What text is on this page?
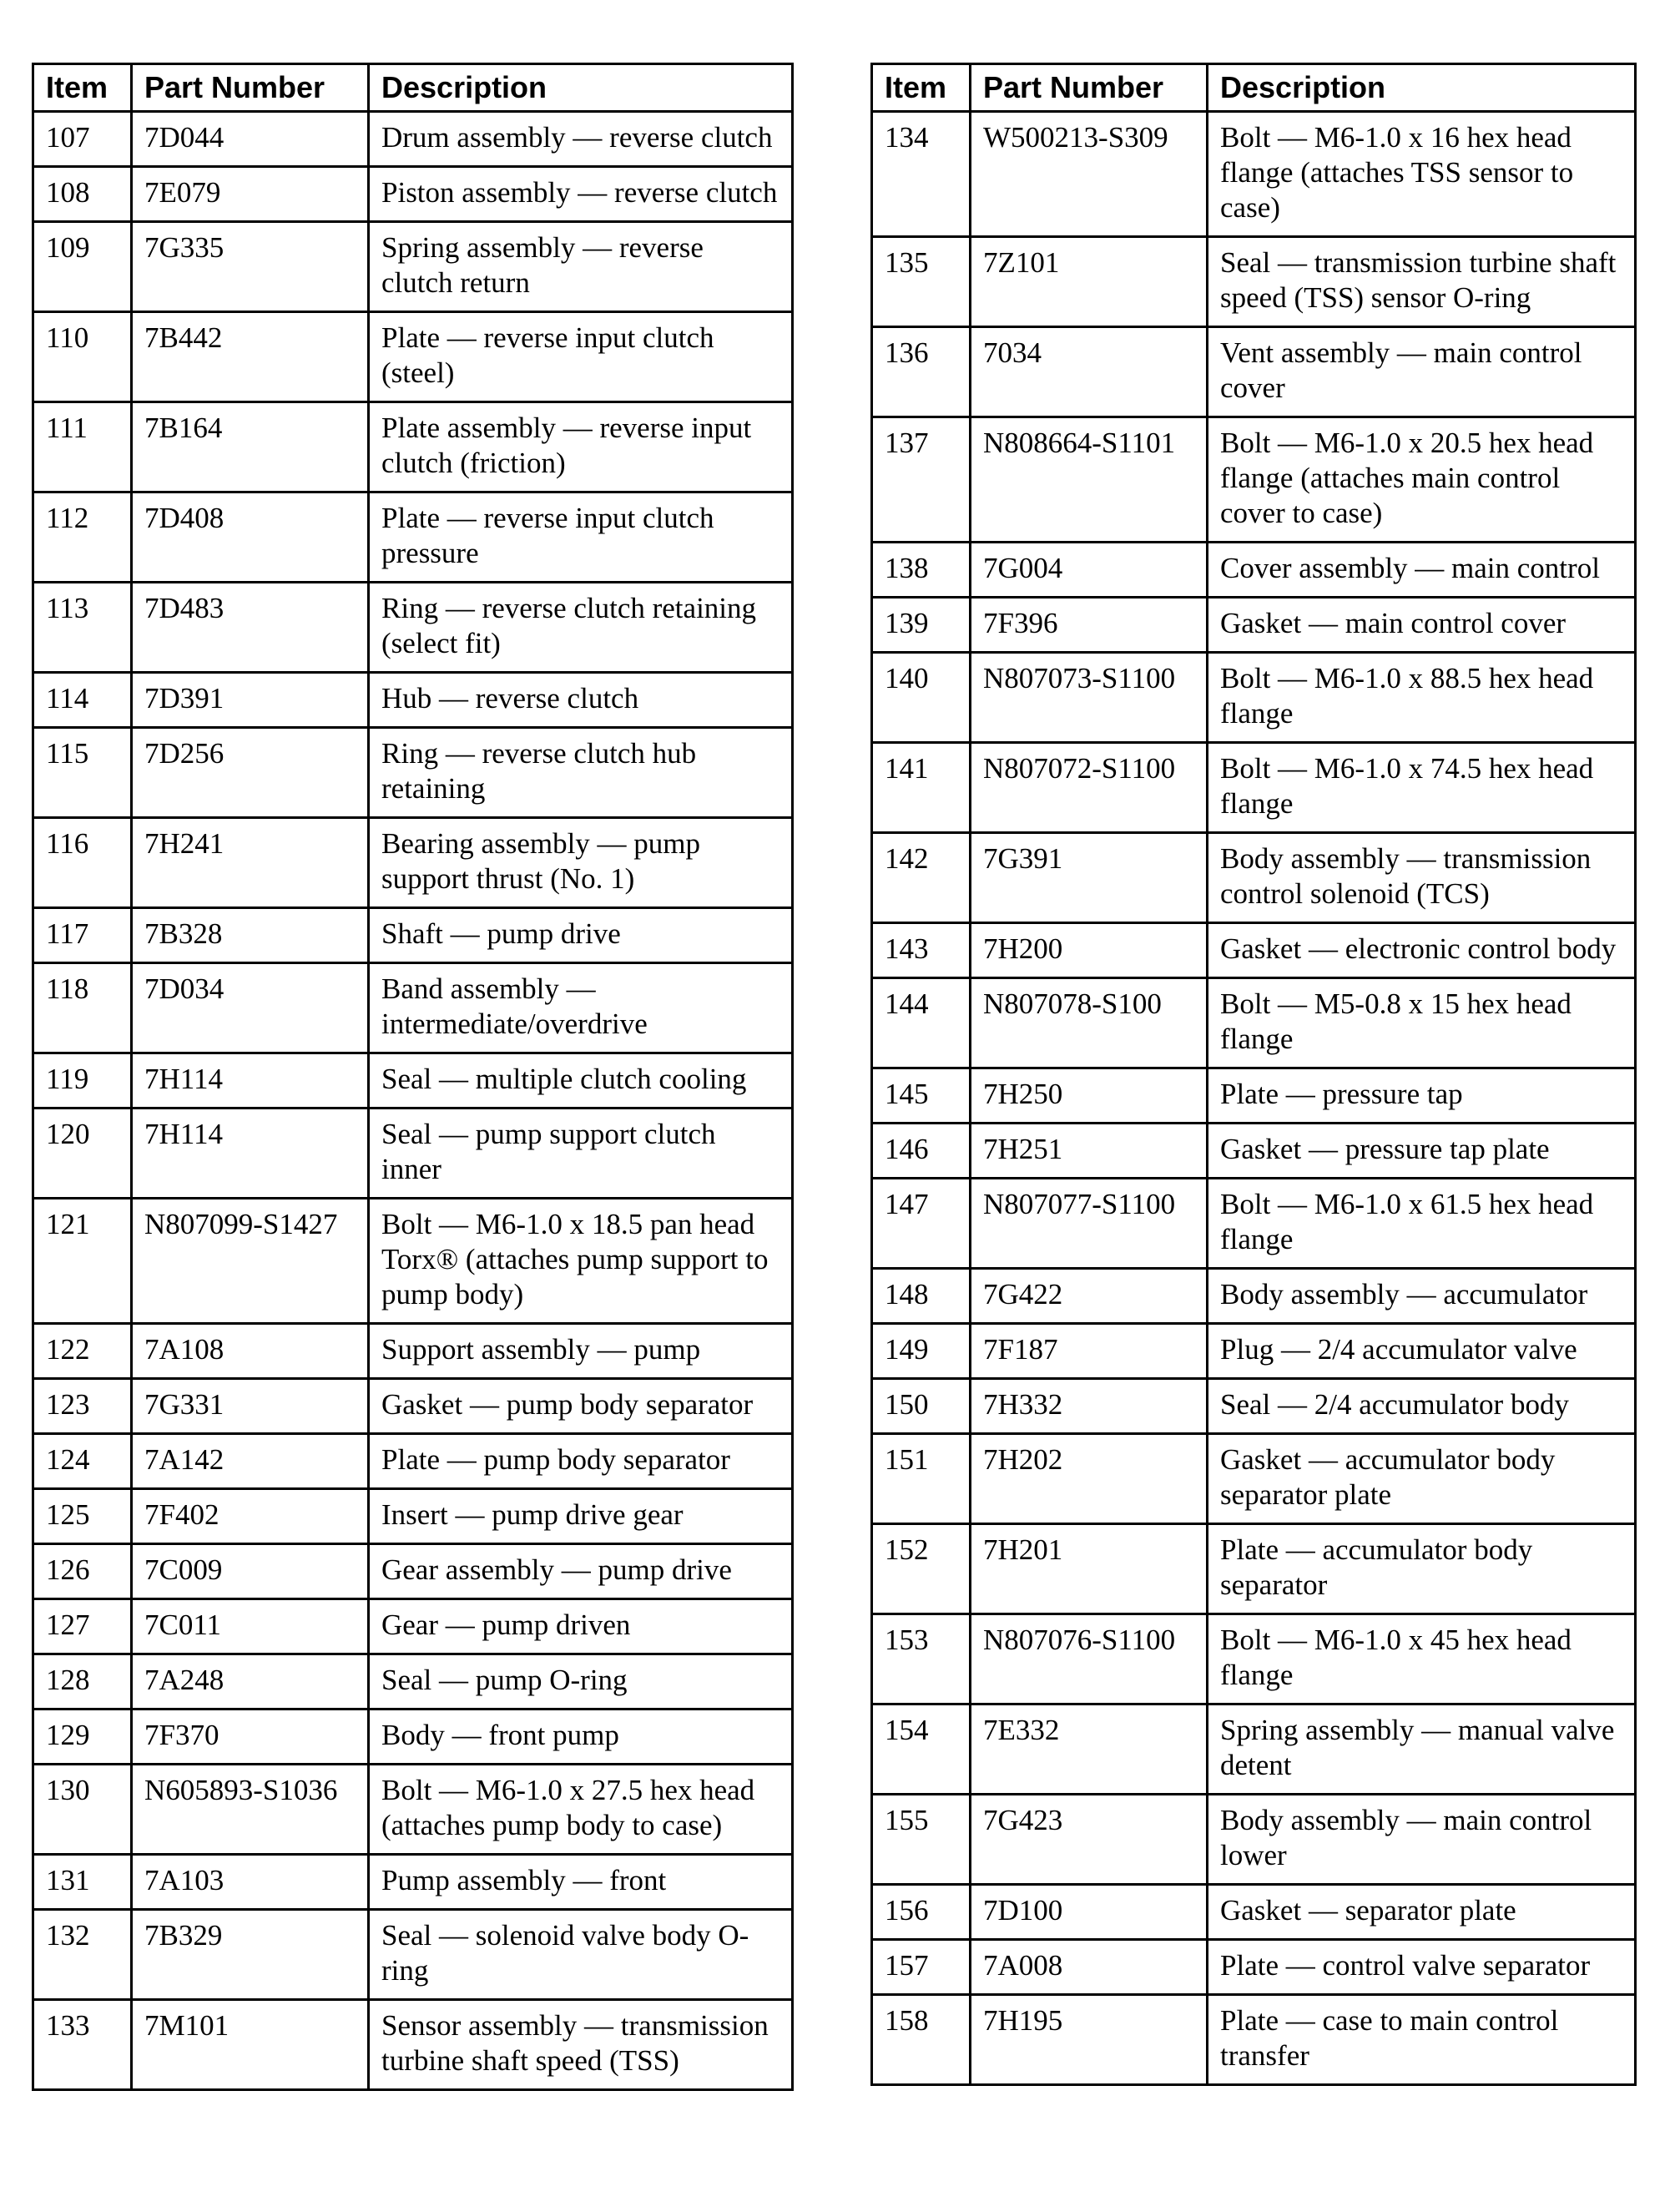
Item	Part Number	Description
107	7D044	Drum assembly — reverse clutch
108	7E079	Piston assembly — reverse clutch
109	7G335	Spring assembly — reverse clutch return
110	7B442	Plate — reverse input clutch (steel)
111	7B164	Plate assembly — reverse input clutch (friction)
112	7D408	Plate — reverse input clutch pressure
113	7D483	Ring — reverse clutch retaining (select fit)
114	7D391	Hub — reverse clutch
115	7D256	Ring — reverse clutch hub retaining
116	7H241	Bearing assembly — pump support thrust (No. 1)
117	7B328	Shaft — pump drive
118	7D034	Band assembly — intermediate/overdrive
119	7H114	Seal — multiple clutch cooling
120	7H114	Seal — pump support clutch inner
121	N807099-S1427	Bolt — M6-1.0 x 18.5 pan head Torx® (attaches pump support to pump body)
122	7A108	Support assembly — pump
123	7G331	Gasket — pump body separator
124	7A142	Plate — pump body separator
125	7F402	Insert — pump drive gear
126	7C009	Gear assembly — pump drive
127	7C011	Gear — pump driven
128	7A248	Seal — pump O-ring
129	7F370	Body — front pump
130	N605893-S1036	Bolt — M6-1.0 x 27.5 hex head (attaches pump body to case)
131	7A103	Pump assembly — front
132	7B329	Seal — solenoid valve body O-ring
133	7M101	Sensor assembly — transmission turbine shaft speed (TSS)
Item	Part Number	Description
134	W500213-S309	Bolt — M6-1.0 x 16 hex head flange (attaches TSS sensor to case)
135	7Z101	Seal — transmission turbine shaft speed (TSS) sensor O-ring
136	7034	Vent assembly — main control cover
137	N808664-S1101	Bolt — M6-1.0 x 20.5 hex head flange (attaches main control cover to case)
138	7G004	Cover assembly — main control
139	7F396	Gasket — main control cover
140	N807073-S1100	Bolt — M6-1.0 x 88.5 hex head flange
141	N807072-S1100	Bolt — M6-1.0 x 74.5 hex head flange
142	7G391	Body assembly — transmission control solenoid (TCS)
143	7H200	Gasket — electronic control body
144	N807078-S100	Bolt — M5-0.8 x 15 hex head flange
145	7H250	Plate — pressure tap
146	7H251	Gasket — pressure tap plate
147	N807077-S1100	Bolt — M6-1.0 x 61.5 hex head flange
148	7G422	Body assembly — accumulator
149	7F187	Plug — 2/4 accumulator valve
150	7H332	Seal — 2/4 accumulator body
151	7H202	Gasket — accumulator body separator plate
152	7H201	Plate — accumulator body separator
153	N807076-S1100	Bolt — M6-1.0 x 45 hex head flange
154	7E332	Spring assembly — manual valve detent
155	7G423	Body assembly — main control lower
156	7D100	Gasket — separator plate
157	7A008	Plate — control valve separator
158	7H195	Plate — case to main control transfer
